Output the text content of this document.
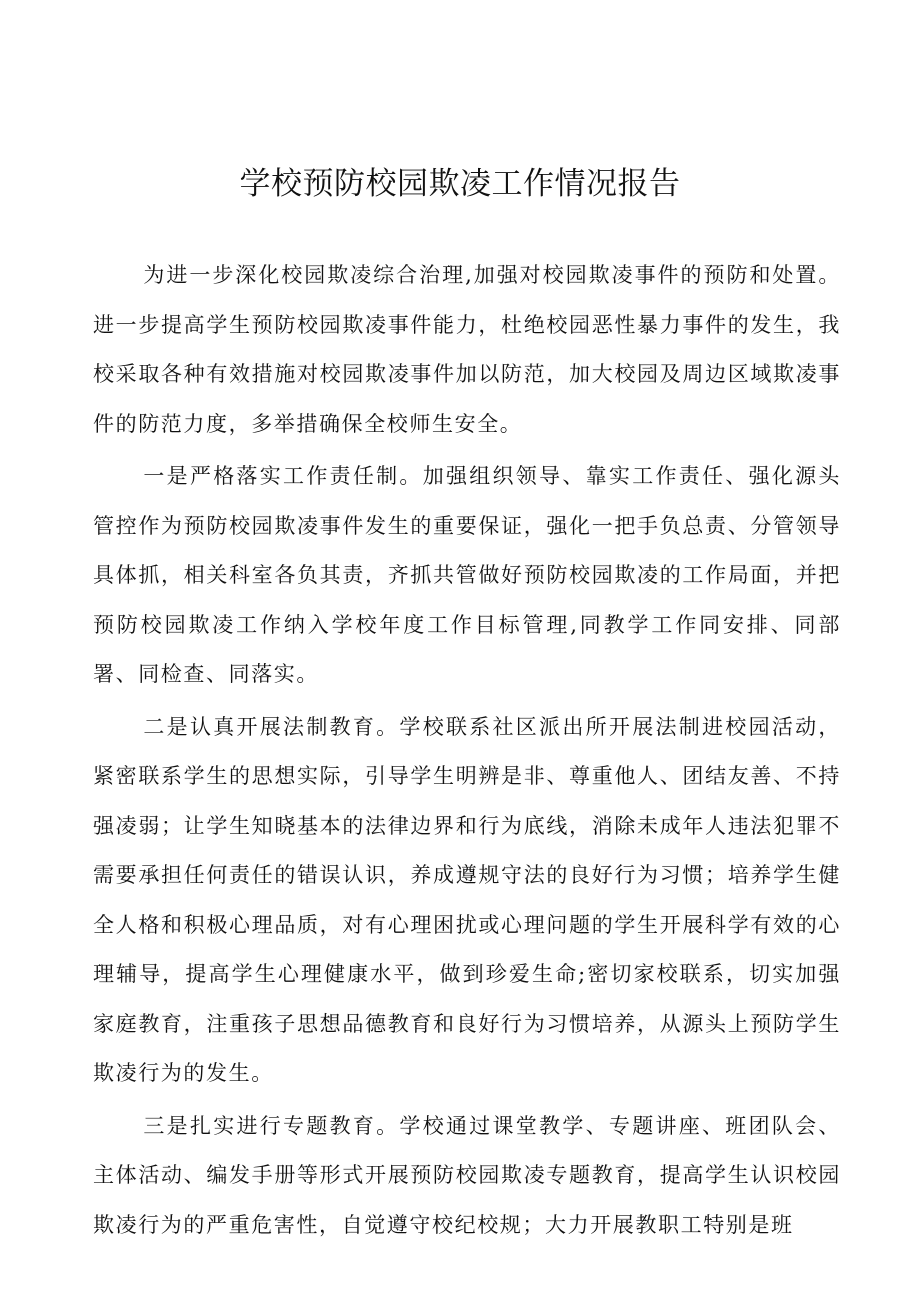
学校预防校园欺凌工作情况报告

为进一步深化校园欺凌综合治理,加强对校园欺凌事件的预防和处置。进一步提高学生预防校园欺凌事件能力，杜绝校园恶性暴力事件的发生，我校采取各种有效措施对校园欺凌事件加以防范，加大校园及周边区域欺凌事件的防范力度，多举措确保全校师生安全。

一是严格落实工作责任制。加强组织领导、靠实工作责任、强化源头管控作为预防校园欺凌事件发生的重要保证，强化一把手负总责、分管领导具体抓，相关科室各负其责，齐抓共管做好预防校园欺凌的工作局面，并把预防校园欺凌工作纳入学校年度工作目标管理,同教学工作同安排、同部署、同检查、同落实。

二是认真开展法制教育。学校联系社区派出所开展法制进校园活动，紧密联系学生的思想实际，引导学生明辨是非、尊重他人、团结友善、不持强凌弱；让学生知晓基本的法律边界和行为底线，消除未成年人违法犯罪不需要承担任何责任的错误认识，养成遵规守法的良好行为习惯；培养学生健全人格和积极心理品质，对有心理困扰或心理问题的学生开展科学有效的心理辅导，提高学生心理健康水平，做到珍爱生命;密切家校联系，切实加强家庭教育，注重孩子思想品德教育和良好行为习惯培养，从源头上预防学生欺凌行为的发生。

三是扎实进行专题教育。学校通过课堂教学、专题讲座、班团队会、主体活动、编发手册等形式开展预防校园欺凌专题教育，提高学生认识校园欺凌行为的严重危害性，自觉遵守校纪校规；大力开展教职工特别是班
